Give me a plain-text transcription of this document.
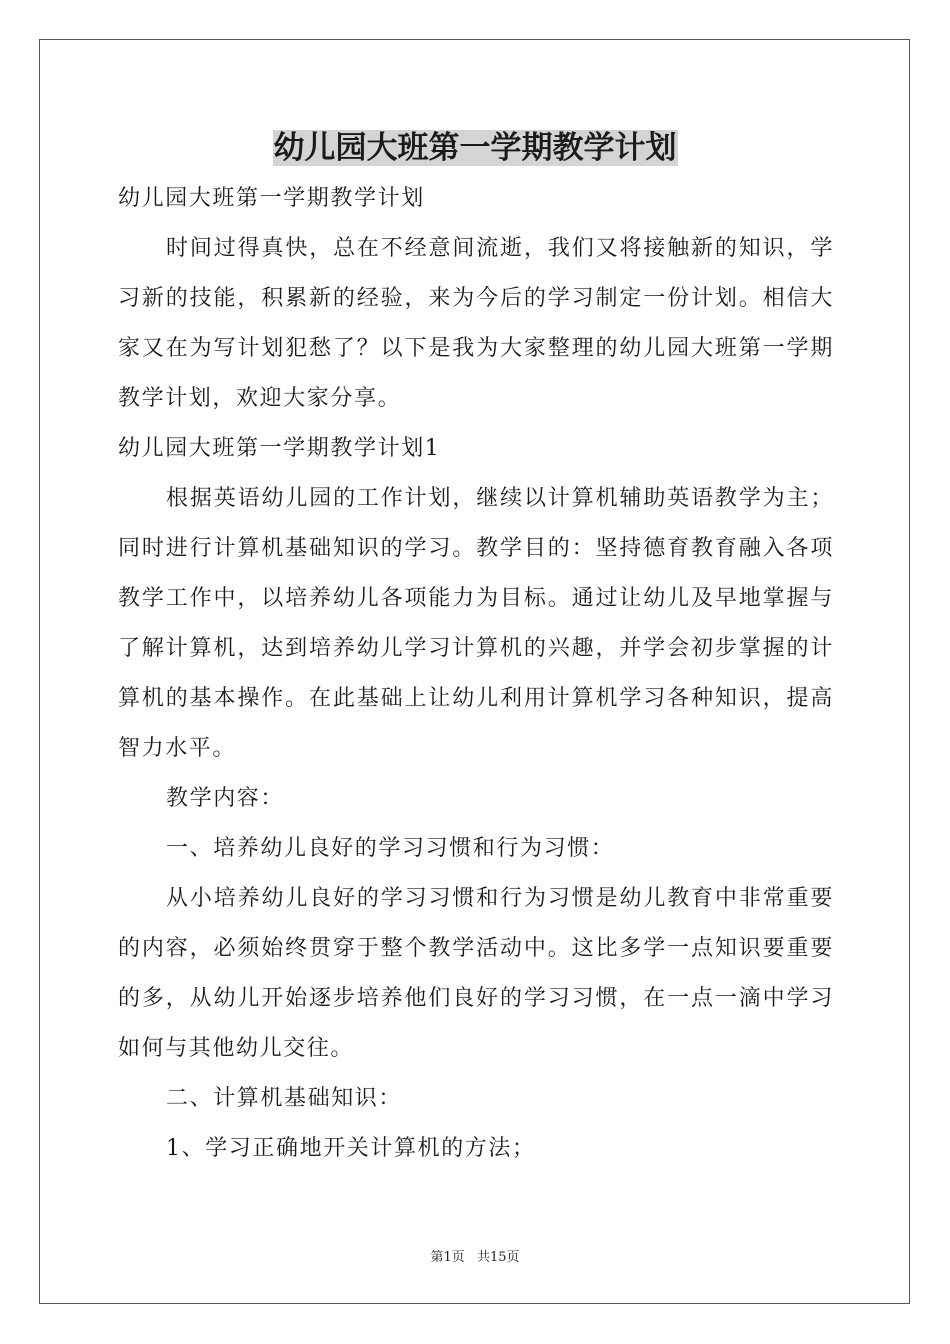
幼儿园大班第一学期教学计划

幼儿园大班第一学期教学计划

时间过得真快，总在不经意间流逝，我们又将接触新的知识，学习新的技能，积累新的经验，来为今后的学习制定一份计划。相信大家又在为写计划犯愁了？以下是我为大家整理的幼儿园大班第一学期教学计划，欢迎大家分享。

幼儿园大班第一学期教学计划1

根据英语幼儿园的工作计划，继续以计算机辅助英语教学为主；同时进行计算机基础知识的学习。教学目的：坚持德育教育融入各项教学工作中，以培养幼儿各项能力为目标。通过让幼儿及早地掌握与了解计算机，达到培养幼儿学习计算机的兴趣，并学会初步掌握的计算机的基本操作。在此基础上让幼儿利用计算机学习各种知识，提高智力水平。

教学内容：

一、培养幼儿良好的学习习惯和行为习惯：

从小培养幼儿良好的学习习惯和行为习惯是幼儿教育中非常重要的内容，必须始终贯穿于整个教学活动中。这比多学一点知识要重要的多，从幼儿开始逐步培养他们良好的学习习惯，在一点一滴中学习如何与其他幼儿交往。

二、计算机基础知识：

1、学习正确地开关计算机的方法；

第1页 共15页
